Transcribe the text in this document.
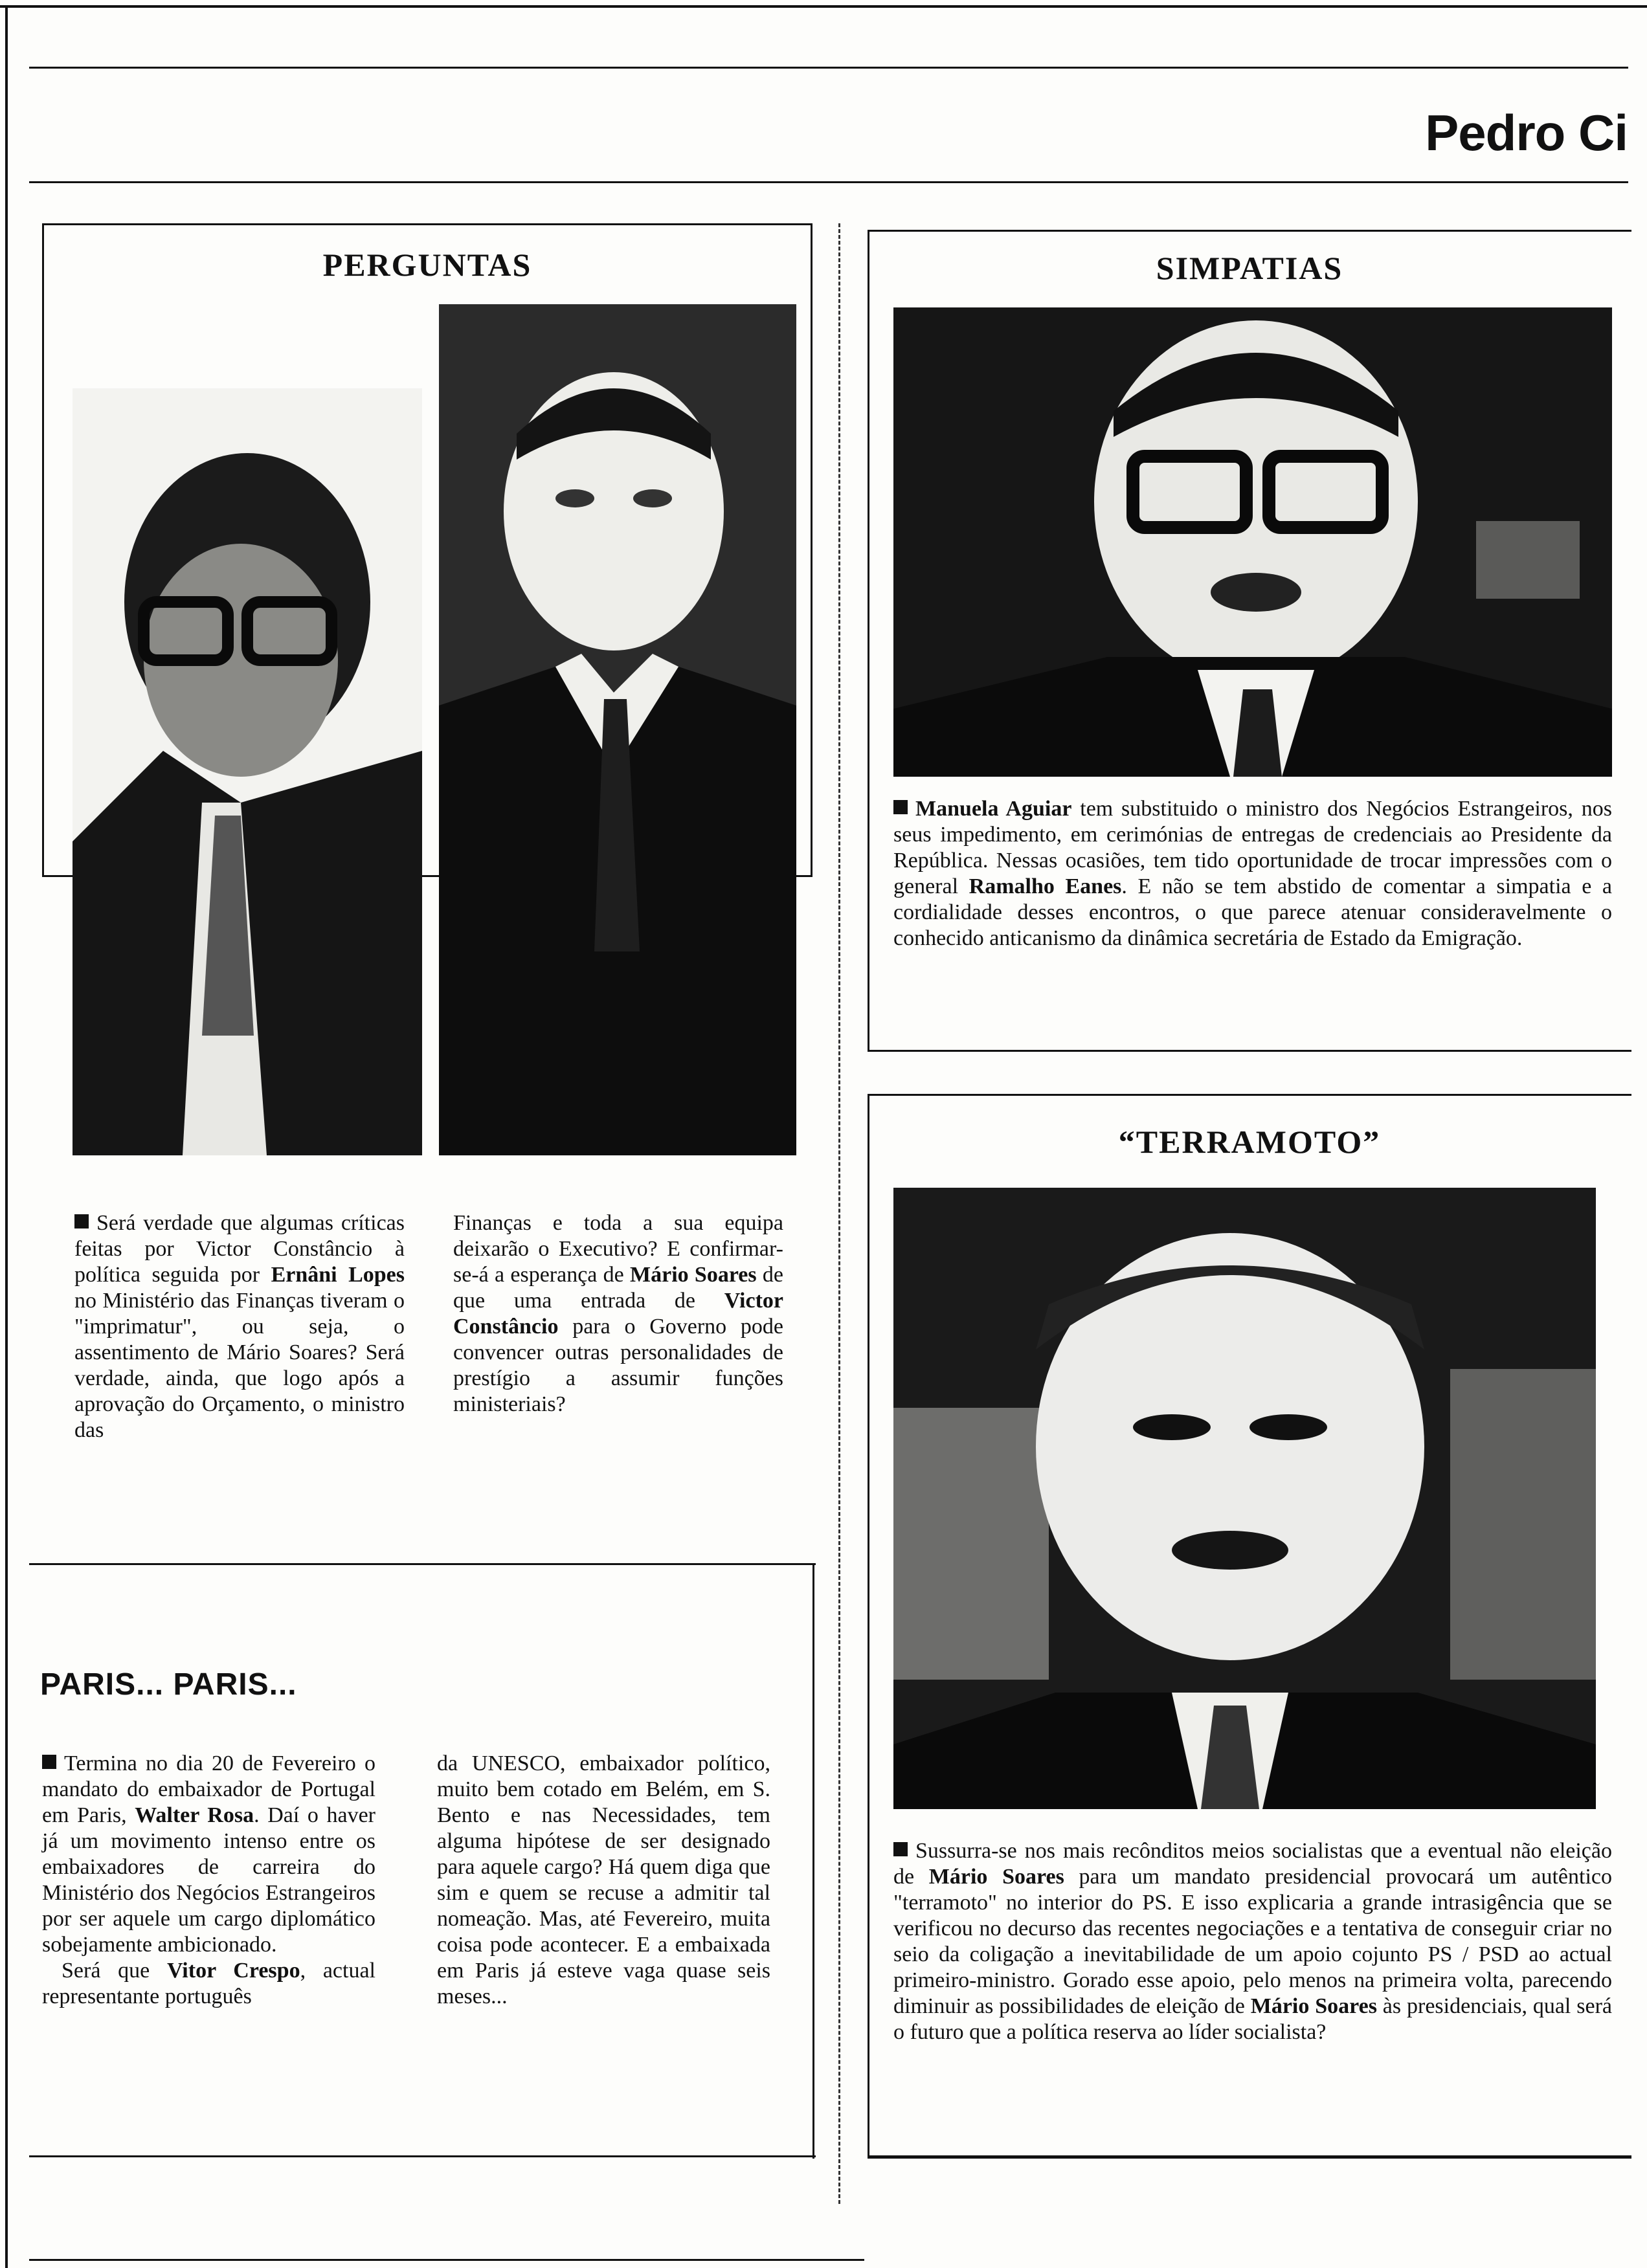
Pedro Ci
PERGUNTAS
Será verdade que algumas críticas feitas por Victor Constâncio à política seguida por Ernâni Lopes no Ministério das Finanças tiveram o "imprimatur", ou seja, o assentimento de Mário Soares? Será verdade, ainda, que logo após a aprovação do Orçamento, o ministro das
Finanças e toda a sua equipa deixarão o Executivo? E confirmar-se-á a esperança de Mário Soares de que uma entrada de Victor Constâncio para o Governo pode convencer outras personalidades de prestígio a assumir funções ministeriais?
SIMPATIAS
Manuela Aguiar tem substituido o ministro dos Negócios Estrangeiros, nos seus impedimento, em cerimónias de entregas de credenciais ao Presidente da República. Nessas ocasiões, tem tido oportunidade de trocar impressões com o general Ramalho Eanes. E não se tem abstido de comentar a simpatia e a cordialidade desses encontros, o que parece atenuar consideravelmente o conhecido anticanismo da dinâmica secretária de Estado da Emigração.
“TERRAMOTO”
Sussurra-se nos mais recônditos meios socialistas que a eventual não eleição de Mário Soares para um mandato presidencial provocará um autêntico "terramoto" no interior do PS. E isso explicaria a grande intrasigência que se verificou no decurso das recentes negociações e a tentativa de conseguir criar no seio da coligação a inevitabilidade de um apoio cojunto PS / PSD ao actual primeiro-ministro. Gorado esse apoio, pelo menos na primeira volta, parecendo diminuir as possibilidades de eleição de Mário Soares às presidenciais, qual será o futuro que a política reserva ao líder socialista?
PARIS... PARIS...
Termina no dia 20 de Fevereiro o mandato do embaixador de Portugal em Paris, Walter Rosa. Daí o haver já um movimento intenso entre os embaixadores de carreira do Ministério dos Negócios Estrangeiros por ser aquele um cargo diplomático sobejamente ambicionado.
Será que Vitor Crespo, actual representante português
da UNESCO, embaixador político, muito bem cotado em Belém, em S. Bento e nas Necessidades, tem alguma hipótese de ser designado para aquele cargo? Há quem diga que sim e quem se recuse a admitir tal nomeação. Mas, até Fevereiro, muita coisa pode acontecer. E a embaixada em Paris já esteve vaga quase seis meses...
